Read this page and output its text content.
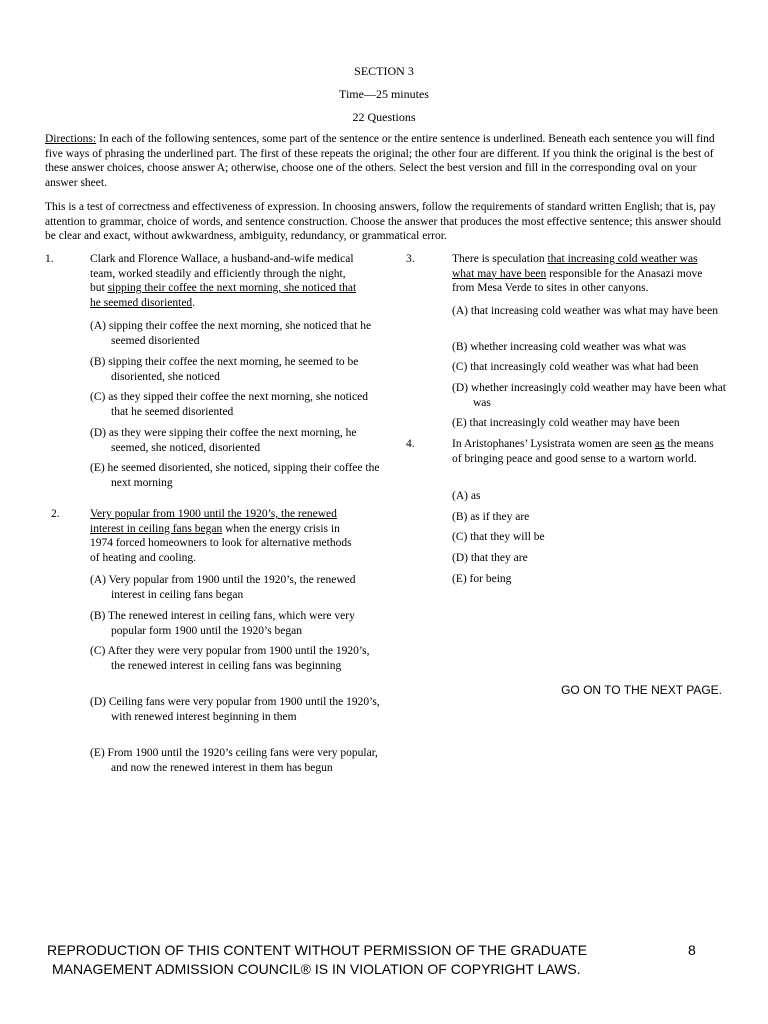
SECTION 3
Time—25 minutes
22 Questions
Directions: In each of the following sentences, some part of the sentence or the entire sentence is underlined. Beneath each sentence you will find five ways of phrasing the underlined part. The first of these repeats the original; the other four are different. If you think the original is the best of these answer choices, choose answer A; otherwise, choose one of the others. Select the best version and fill in the corresponding oval on your answer sheet.
This is a test of correctness and effectiveness of expression. In choosing answers, follow the requirements of standard written English; that is, pay attention to grammar, choice of words, and sentence construction. Choose the answer that produces the most effective sentence; this answer should be clear and exact, without awkwardness, ambiguity, redundancy, or grammatical error.
1.	Clark and Florence Wallace, a husband-and-wife medical team, worked steadily and efficiently through the night, but sipping their coffee the next morning, she noticed that he seemed disoriented.
(A) sipping their coffee the next morning, she noticed that he seemed disoriented
(B) sipping their coffee the next morning, he seemed to be disoriented, she noticed
(C) as they sipped their coffee the next morning, she noticed that he seemed disoriented
(D) as they were sipping their coffee the next morning, he seemed, she noticed, disoriented
(E) he seemed disoriented, she noticed, sipping their coffee the next morning
2.	Very popular from 1900 until the 1920’s, the renewed interest in ceiling fans began when the energy crisis in 1974 forced homeowners to look for alternative methods of heating and cooling.
(A) Very popular from 1900 until the 1920’s, the renewed interest in ceiling fans began
(B) The renewed interest in ceiling fans, which were very popular form 1900 until the 1920’s began
(C) After they were very popular from 1900 until the 1920’s, the renewed interest in ceiling fans was beginning
(D) Ceiling fans were very popular from 1900 until the 1920’s, with renewed interest beginning in them
(E) From 1900 until the 1920’s ceiling fans were very popular, and now the renewed interest in them has begun
3.	There is speculation that increasing cold weather was what may have been responsible for the Anasazi move from Mesa Verde to sites in other canyons.
(A) that increasing cold weather was what may have been
(B) whether increasing cold weather was what was
(C) that increasingly cold weather was what had been
(D) whether increasingly cold weather may have been what was
(E) that increasingly cold weather may have been
4.	In Aristophanes’ Lysistrata women are seen as the means of bringing peace and good sense to a wartorn world.
(A) as
(B) as if they are
(C) that they will be
(D) that they are
(E) for being
GO ON TO THE NEXT PAGE.
REPRODUCTION OF THIS CONTENT WITHOUT PERMISSION OF THE GRADUATE
MANAGEMENT ADMISSION COUNCIL® IS IN VIOLATION OF COPYRIGHT LAWS.
8
